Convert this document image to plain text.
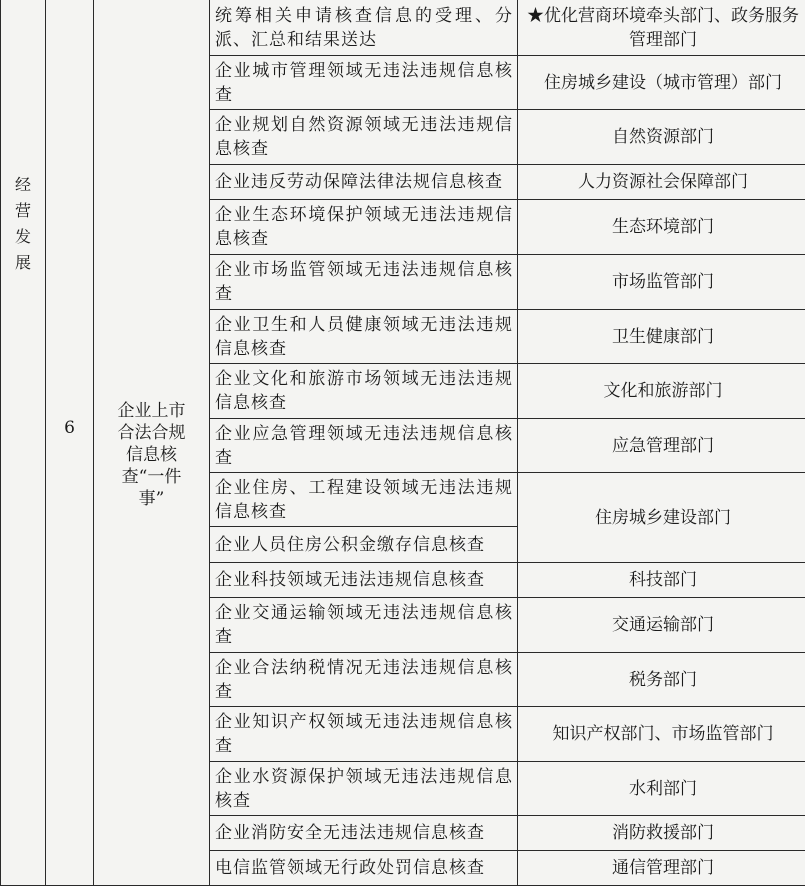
经营发展	6	企业上市合法合规信息核查“一件事”	统筹相关申请核查信息的受理、分派、汇总和结果送达	★优化营商环境牵头部门、政务服务管理部门
			企业城市管理领域无违法违规信息核查	住房城乡建设（城市管理）部门
			企业规划自然资源领域无违法违规信息核查	自然资源部门
			企业违反劳动保障法律法规信息核查	人力资源社会保障部门
			企业生态环境保护领域无违法违规信息核查	生态环境部门
			企业市场监管领域无违法违规信息核查	市场监管部门
			企业卫生和人员健康领域无违法违规信息核查	卫生健康部门
			企业文化和旅游市场领域无违法违规信息核查	文化和旅游部门
			企业应急管理领域无违法违规信息核查	应急管理部门
			企业住房、工程建设领域无违法违规信息核查	住房城乡建设部门
			企业人员住房公积金缴存信息核查	
			企业科技领域无违法违规信息核查	科技部门
			企业交通运输领域无违法违规信息核查	交通运输部门
			企业合法纳税情况无违法违规信息核查	税务部门
			企业知识产权领域无违法违规信息核查	知识产权部门、市场监管部门
			企业水资源保护领域无违法违规信息核查	水利部门
			企业消防安全无违法违规信息核查	消防救援部门
			电信监管领域无行政处罚信息核查	通信管理部门
